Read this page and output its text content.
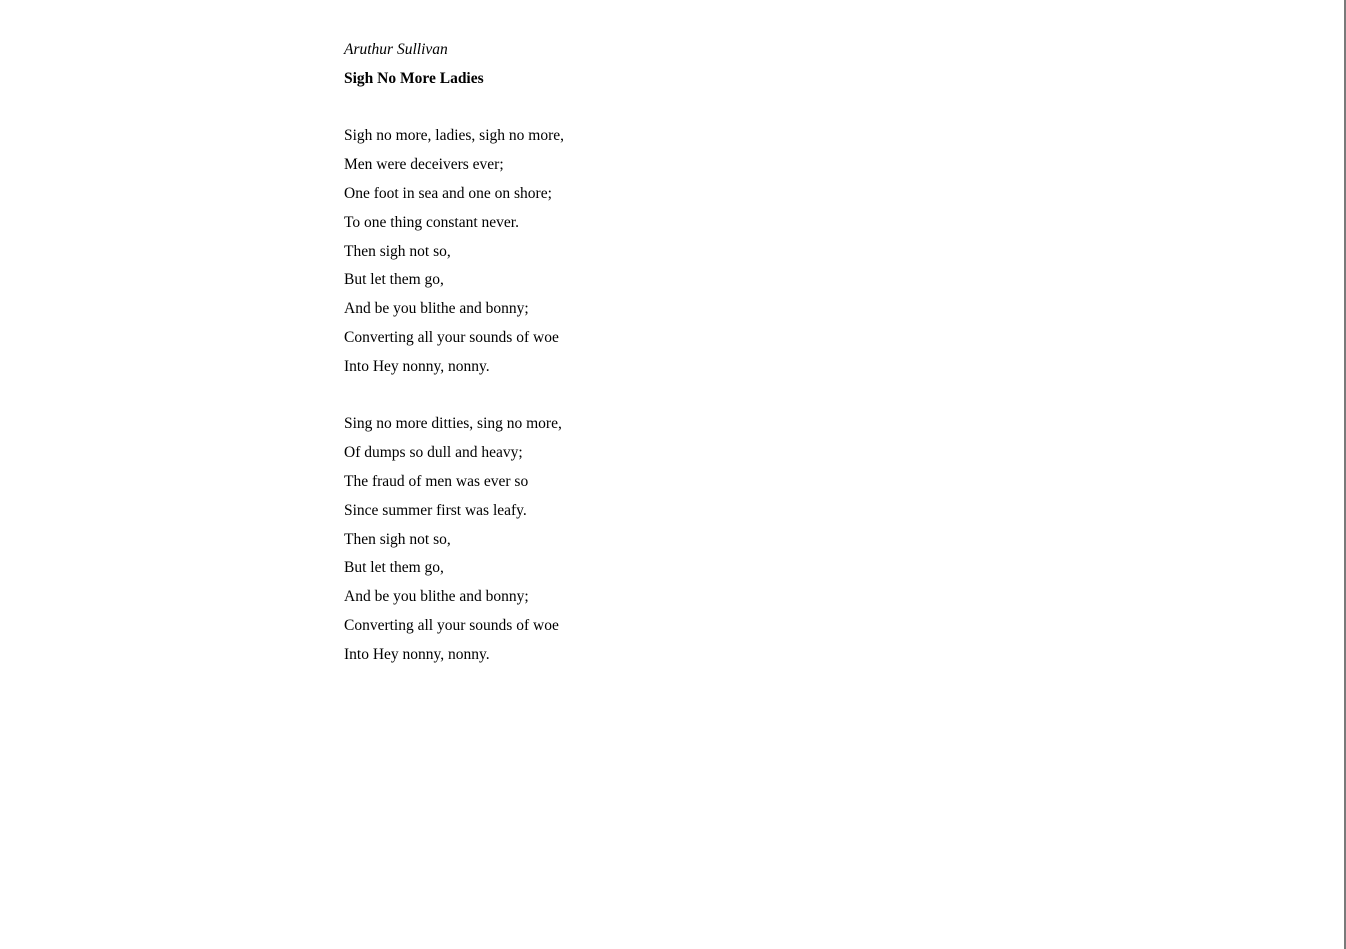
Aruthur Sullivan

Sigh No More Ladies

Sigh no more, ladies, sigh no more,
Men were deceivers ever;
One foot in sea and one on shore;
To one thing constant never.
Then sigh not so,
But let them go,
And be you blithe and bonny;
Converting all your sounds of woe
Into Hey nonny, nonny.
Sing no more ditties, sing no more,
Of dumps so dull and heavy;
The fraud of men was ever so
Since summer first was leafy.
Then sigh not so,
But let them go,
And be you blithe and bonny;
Converting all your sounds of woe
Into Hey nonny, nonny.
